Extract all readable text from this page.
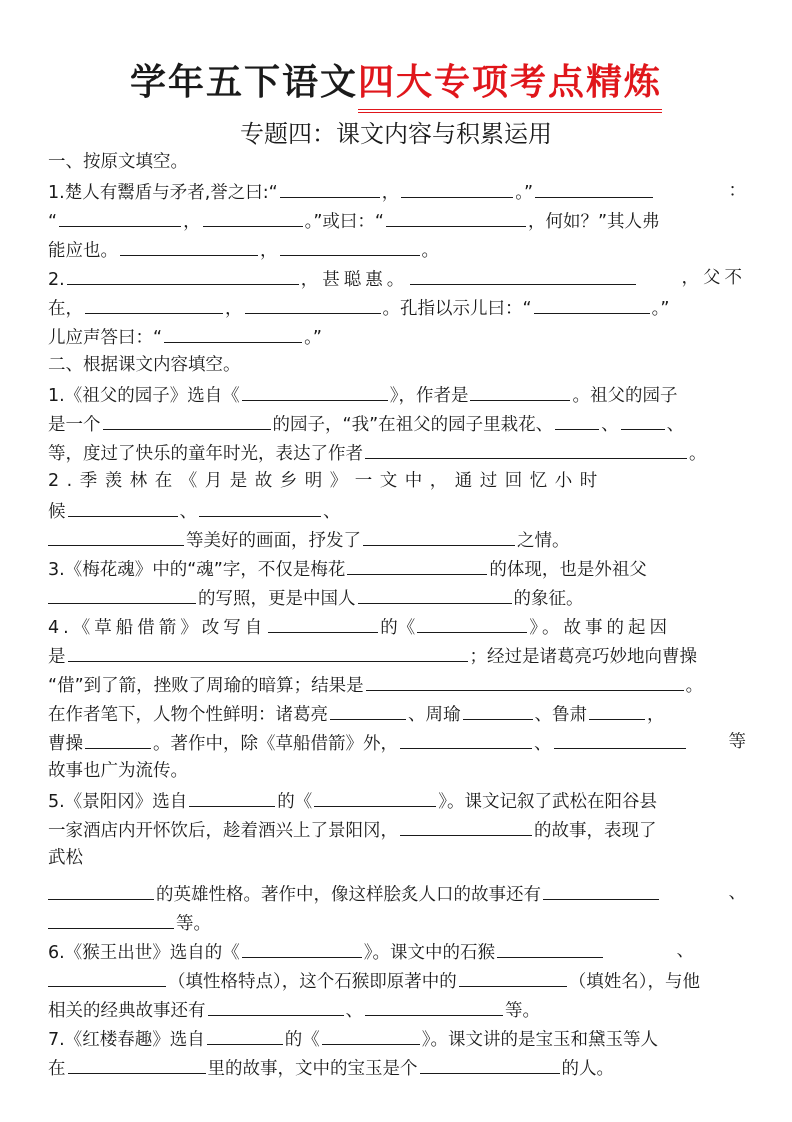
学年五下语文四大专项考点精炼
专题四：课文内容与积累运用
一、按原文填空。
1.楚人有鬻盾与矛者,誉之曰:“	，	。”	：
“	，	。”或曰：“	，何如？”其人弗
能应也。	，	。
2.	，甚聪惠。	，父不
在，	，	。孔指以示儿曰：“	。”
儿应声答曰：“	。”
二、根据课文内容填空。
1.《祖父的园子》选自《	》，作者是	。祖父的园子
是一个	的园子，“我”在祖父的园子里栽花、	、	、
等，度过了快乐的童年时光，表达了作者	。
2.季羡林在《月是故乡明》一文中，通过回忆小时
候	、	、
等美好的画面，抒发了	之情。
3.《梅花魂》中的“魂”字，不仅是梅花	的体现，也是外祖父
的写照，更是中国人	的象征。
4.《草船借箭》改写自	的《	》。故事的起因
是	；经过是诸葛亮巧妙地向曹操
“借”到了箭，挫败了周瑜的暗算；结果是	。
在作者笔下，人物个性鲜明：诸葛亮	、周瑜	、鲁肃	，
曹操	。著作中，除《草船借箭》外，	、	等
故事也广为流传。
5.《景阳冈》选自	的《	》。课文记叙了武松在阳谷县
一家酒店内开怀饮后，趁着酒兴上了景阳冈，	的故事，表现了
武松
的英雄性格。著作中，像这样脍炙人口的故事还有	、
等。
6.《猴王出世》选自的《	》。课文中的石猴	、
（填性格特点），这个石猴即原著中的	（填姓名），与他
相关的经典故事还有	、	等。
7.《红楼春趣》选自	的《	》。课文讲的是宝玉和黛玉等人
在	里的故事，文中的宝玉是个	的人。
